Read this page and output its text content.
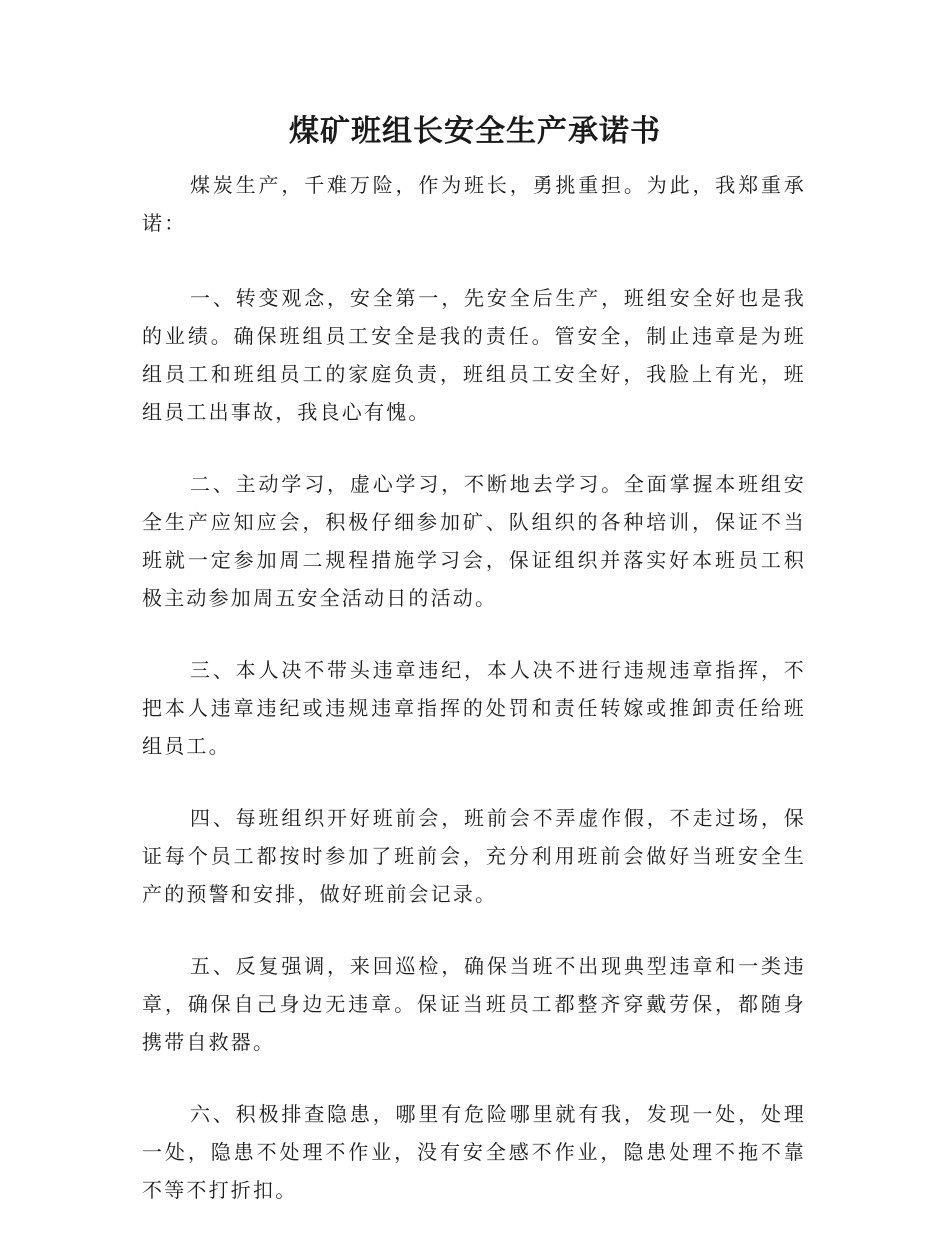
煤矿班组长安全生产承诺书

煤炭生产，千难万险，作为班长，勇挑重担。为此，我郑重承诺：

一、转变观念，安全第一，先安全后生产，班组安全好也是我的业绩。确保班组员工安全是我的责任。管安全，制止违章是为班组员工和班组员工的家庭负责，班组员工安全好，我脸上有光，班组员工出事故，我良心有愧。

二、主动学习，虚心学习，不断地去学习。全面掌握本班组安全生产应知应会，积极仔细参加矿、队组织的各种培训，保证不当班就一定参加周二规程措施学习会，保证组织并落实好本班员工积极主动参加周五安全活动日的活动。

三、本人决不带头违章违纪，本人决不进行违规违章指挥，不把本人违章违纪或违规违章指挥的处罚和责任转嫁或推卸责任给班组员工。

四、每班组织开好班前会，班前会不弄虚作假，不走过场，保证每个员工都按时参加了班前会，充分利用班前会做好当班安全生产的预警和安排，做好班前会记录。

五、反复强调，来回巡检，确保当班不出现典型违章和一类违章，确保自己身边无违章。保证当班员工都整齐穿戴劳保，都随身携带自救器。

六、积极排查隐患，哪里有危险哪里就有我，发现一处，处理一处，隐患不处理不作业，没有安全感不作业，隐患处理不拖不靠不等不打折扣。
